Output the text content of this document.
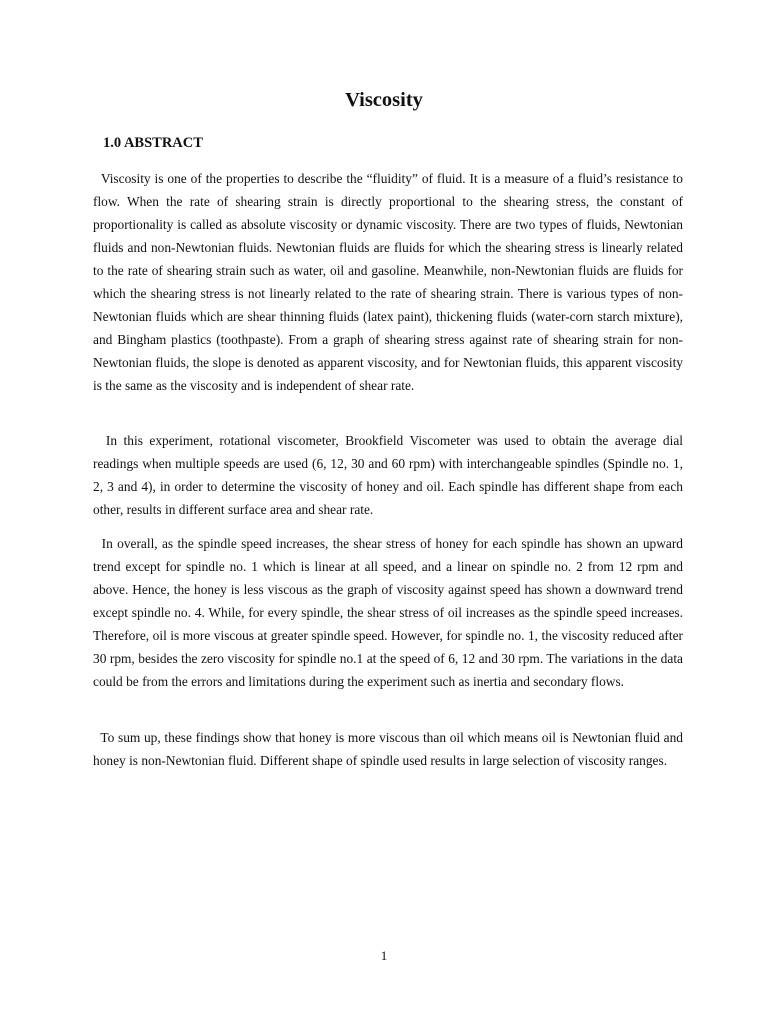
Viscosity
1.0 ABSTRACT

Viscosity is one of the properties to describe the “fluidity” of fluid. It is a measure of a fluid’s resistance to flow. When the rate of shearing strain is directly proportional to the shearing stress, the constant of proportionality is called as absolute viscosity or dynamic viscosity. There are two types of fluids, Newtonian fluids and non-Newtonian fluids. Newtonian fluids are fluids for which the shearing stress is linearly related to the rate of shearing strain such as water, oil and gasoline. Meanwhile, non-Newtonian fluids are fluids for which the shearing stress is not linearly related to the rate of shearing strain. There is various types of non-Newtonian fluids which are shear thinning fluids (latex paint), thickening fluids (water-corn starch mixture), and Bingham plastics (toothpaste). From a graph of shearing stress against rate of shearing strain for non-Newtonian fluids, the slope is denoted as apparent viscosity, and for Newtonian fluids, this apparent viscosity is the same as the viscosity and is independent of shear rate.

In this experiment, rotational viscometer, Brookfield Viscometer was used to obtain the average dial readings when multiple speeds are used (6, 12, 30 and 60 rpm) with interchangeable spindles (Spindle no. 1, 2, 3 and 4), in order to determine the viscosity of honey and oil. Each spindle has different shape from each other, results in different surface area and shear rate.

In overall, as the spindle speed increases, the shear stress of honey for each spindle has shown an upward trend except for spindle no. 1 which is linear at all speed, and a linear on spindle no. 2 from 12 rpm and above. Hence, the honey is less viscous as the graph of viscosity against speed has shown a downward trend except spindle no. 4. While, for every spindle, the shear stress of oil increases as the spindle speed increases. Therefore, oil is more viscous at greater spindle speed. However, for spindle no. 1, the viscosity reduced after 30 rpm, besides the zero viscosity for spindle no.1 at the speed of 6, 12 and 30 rpm. The variations in the data could be from the errors and limitations during the experiment such as inertia and secondary flows.

To sum up, these findings show that honey is more viscous than oil which means oil is Newtonian fluid and honey is non-Newtonian fluid. Different shape of spindle used results in large selection of viscosity ranges.

1
